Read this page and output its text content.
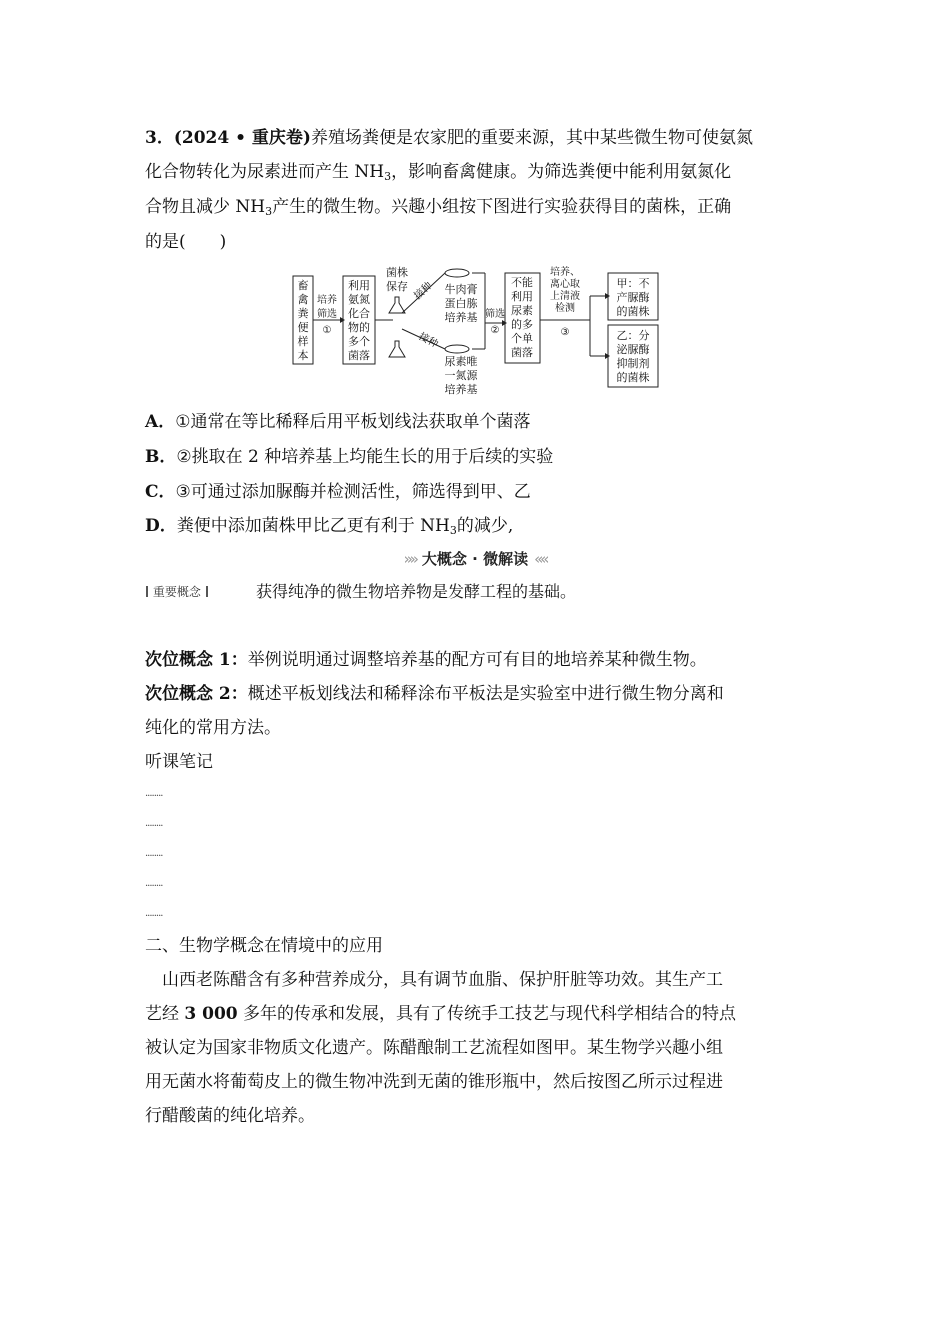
3．(2024 • 重庆卷)养殖场粪便是农家肥的重要来源，其中某些微生物可使氨氮
化合物转化为尿素进而产生 $NH_3$，影响畜禽健康。为筛选粪便中能利用氨氮化
合物且减少 $NH_3$产生的微生物。兴趣小组按下图进行实验获得目的菌株，正确
的是(　　)
畜
禽
粪
便
样
本
培养
筛选
①
利用
氨氮
化合
物的
多个
菌落
菌株
保存 接种
接种
牛肉膏
蛋白胨
培养基
尿素唯
一氮源
培养基
筛选
②
不能
利用
尿素
的多
个单
菌落
培养、
离心取
上清液
检测
③
甲：不
产脲酶
的菌株
乙：分
泌脲酶
抑制剂
的菌株
A．①通常在等比稀释后用平板划线法获取单个菌落
B．②挑取在 2 种培养基上均能生长的用于后续的实验
C．③可通过添加脲酶并检测活性，筛选得到甲、乙
D．粪便中添加菌株甲比乙更有利于 $NH_3$的减少,
»» 大概念 · 微解读 ««
重要概念	获得纯净的微生物培养物是发酵工程的基础。
次位概念 1：举例说明通过调整培养基的配方可有目的地培养某种微生物。
次位概念 2：概述平板划线法和稀释涂布平板法是实验室中进行微生物分离和
纯化的常用方法。
听课笔记
........
........
........
........
........
二、生物学概念在情境中的应用
　山西老陈醋含有多种营养成分，具有调节血脂、保护肝脏等功效。其生产工
艺经 3 000 多年的传承和发展，具有了传统手工技艺与现代科学相结合的特点
被认定为国家非物质文化遗产。陈醋酿制工艺流程如图甲。某生物学兴趣小组
用无菌水将葡萄皮上的微生物冲洗到无菌的锥形瓶中，然后按图乙所示过程进
行醋酸菌的纯化培养。
